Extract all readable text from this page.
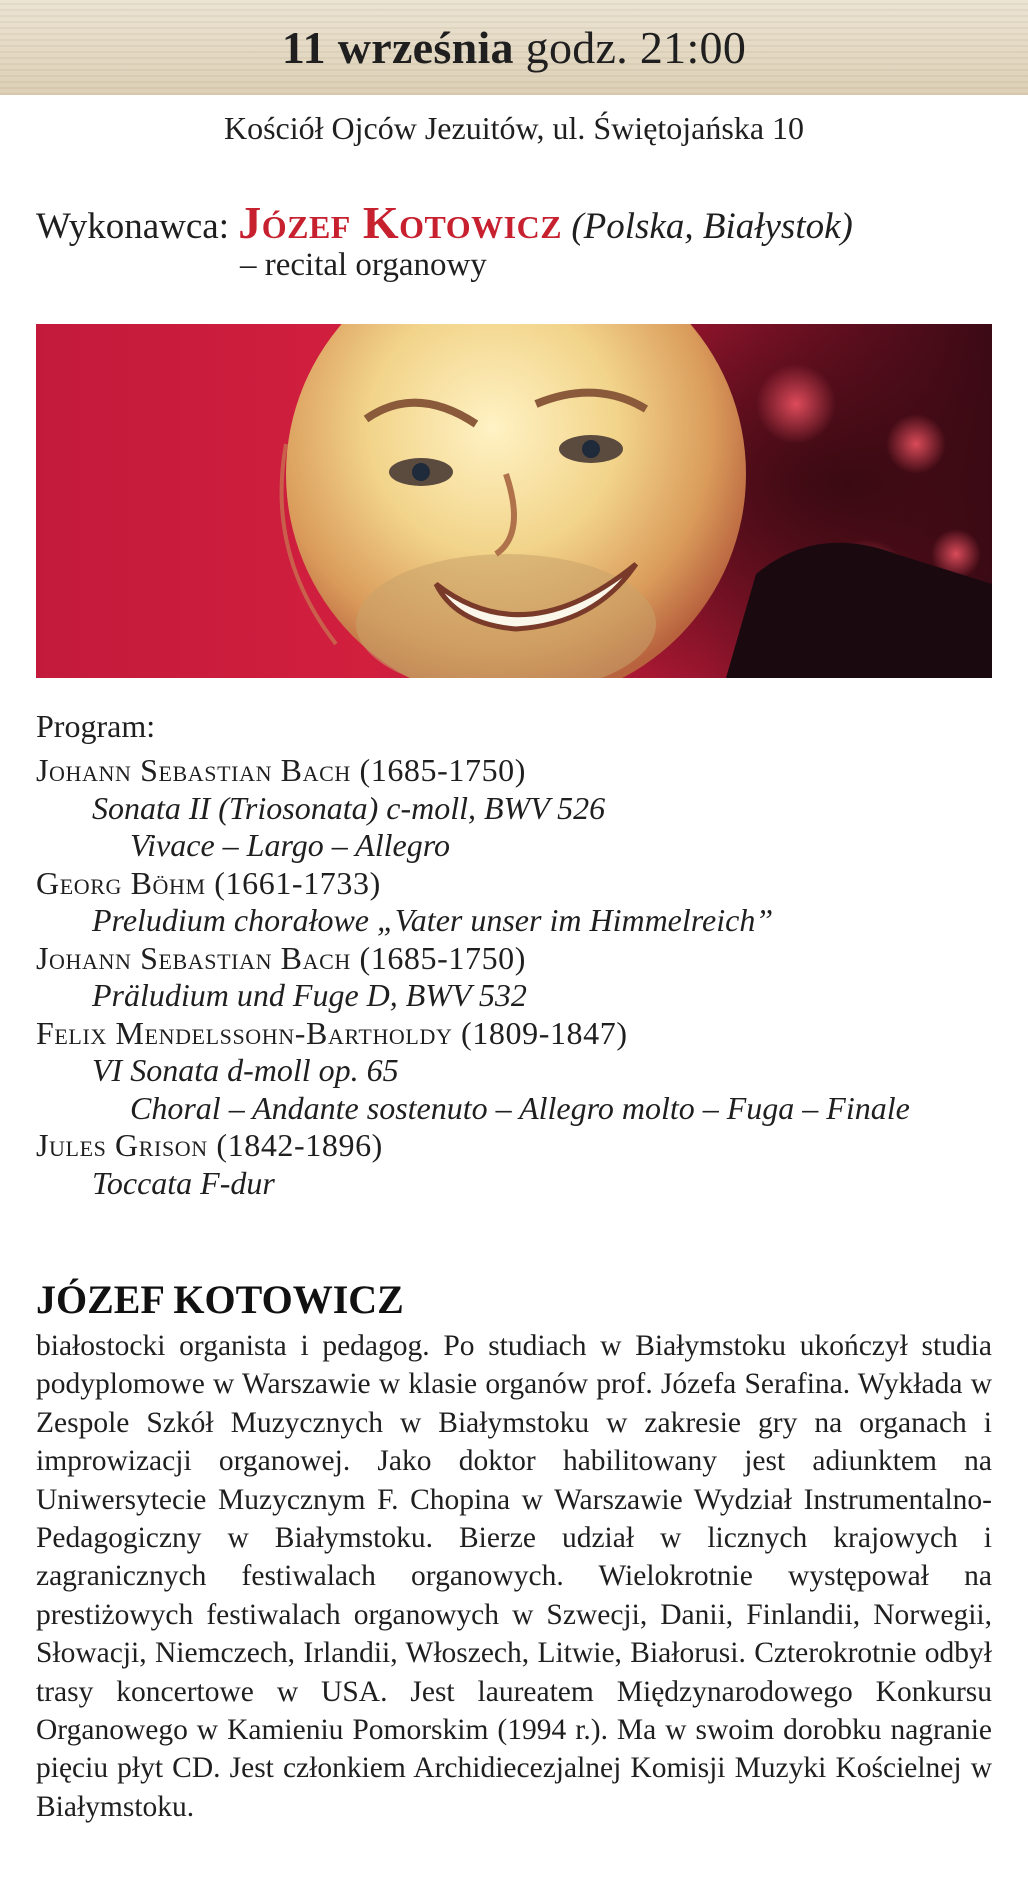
11 września godz. 21:00
Kościół Ojców Jezuitów, ul. Świętojańska 10
Wykonawca: Józef Kotowicz (Polska, Białystok)
– recital organowy
Program:
Johann Sebastian Bach (1685-1750)
Sonata II (Triosonata) c-moll, BWV 526
Vivace – Largo – Allegro
Georg Böhm (1661-1733)
Preludium chorałowe „Vater unser im Himmelreich”
Johann Sebastian Bach (1685-1750)
Präludium und Fuge D, BWV 532
Felix Mendelssohn-Bartholdy (1809-1847)
VI Sonata d-moll op. 65
Choral – Andante sostenuto – Allegro molto – Fuga – Finale
Jules Grison (1842-1896)
Toccata F-dur
JÓZEF KOTOWICZ
białostocki organista i pedagog. Po studiach w Białymstoku ukończył studia podyplomowe w Warszawie w klasie organów prof. Józefa Serafina. Wykłada w Zespole Szkół Muzycznych w Białymstoku w zakresie gry na organach i improwizacji organowej. Jako doktor habilitowany jest adiunktem na Uniwersytecie Muzycznym F. Chopina w Warszawie Wydział Instrumentalno-Pedagogiczny w Białymstoku. Bierze udział w licznych krajowych i zagranicznych festiwalach organowych. Wielokrotnie występował na prestiżowych festiwalach organowych w Szwecji, Danii, Finlandii, Norwegii, Słowacji, Niemczech, Irlandii, Włoszech, Litwie, Białorusi. Czterokrotnie odbył trasy koncertowe w USA. Jest laureatem Międzynarodowego Konkursu Organowego w Kamieniu Pomorskim (1994 r.). Ma w swoim dorobku nagranie pięciu płyt CD. Jest członkiem Archidiecezjalnej Komisji Muzyki Kościelnej w Białymstoku.
